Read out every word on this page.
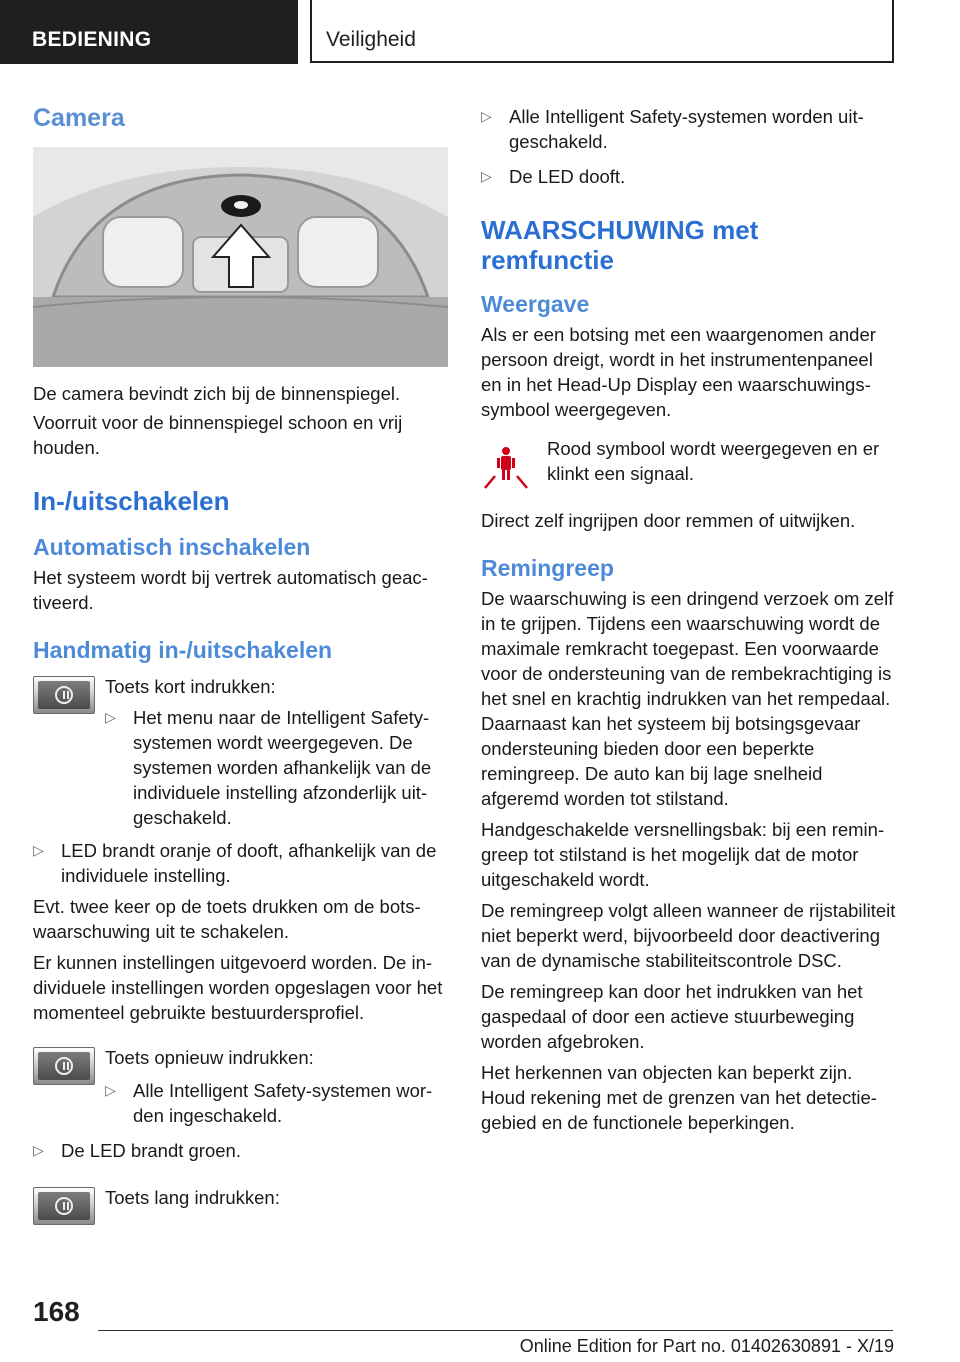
BEDIENING	Veiligheid
Camera

De camera bevindt zich bij de binnenspiegel.

Voorruit voor de binnenspiegel schoon en vrij houden.

In-/uitschakelen
Automatisch inschakelen

Het systeem wordt bij vertrek automatisch geactiveerd.

Handmatig in-/uitschakelen

Toets kort indrukken:

▷ Het menu naar de Intelligent Safety-systemen wordt weergegeven. De systemen worden afhankelijk van de individuele instelling afzonderlijk uitgeschakeld.
▷ LED brandt oranje of dooft, afhankelijk van de individuele instelling.

Evt. twee keer op de toets drukken om de botswaarschuwing uit te schakelen.

Er kunnen instellingen uitgevoerd worden. De individuele instellingen worden opgeslagen voor het momenteel gebruikte bestuurdersprofiel.

Toets opnieuw indrukken:

▷ Alle Intelligent Safety-systemen worden ingeschakeld.
▷ De LED brandt groen.

Toets lang indrukken:

▷ Alle Intelligent Safety-systemen worden uitgeschakeld.
▷ De LED dooft.
WAARSCHUWING met remfunctie
Weergave

Als er een botsing met een waargenomen ander persoon dreigt, wordt in het instrumentenpaneel en in het Head-Up Display een waarschuwingssymbool weergegeven.

Rood symbool wordt weergegeven en er klinkt een signaal.

Direct zelf ingrijpen door remmen of uitwijken.

Remingreep

De waarschuwing is een dringend verzoek om zelf in te grijpen. Tijdens een waarschuwing wordt de maximale remkracht toegepast. Een voorwaarde voor de ondersteuning van de rembekrachtiging is het snel en krachtig indrukken van het rempedaal. Daarnaast kan het systeem bij botsingsgevaar ondersteuning bieden door een beperkte remingreep. De auto kan bij lage snelheid afgeremd worden tot stilstand.

Handgeschakelde versnellingsbak: bij een remingreep tot stilstand is het mogelijk dat de motor uitgeschakeld wordt.

De remingreep volgt alleen wanneer de rijstabiliteit niet beperkt werd, bijvoorbeeld door deactivering van de dynamische stabiliteitscontrole DSC.

De remingreep kan door het indrukken van het gaspedaal of door een actieve stuurbeweging worden afgebroken.

Het herkennen van objecten kan beperkt zijn. Houd rekening met de grenzen van het detectiegebied en de functionele beperkingen.

168
Online Edition for Part no. 01402630891 - X/19
